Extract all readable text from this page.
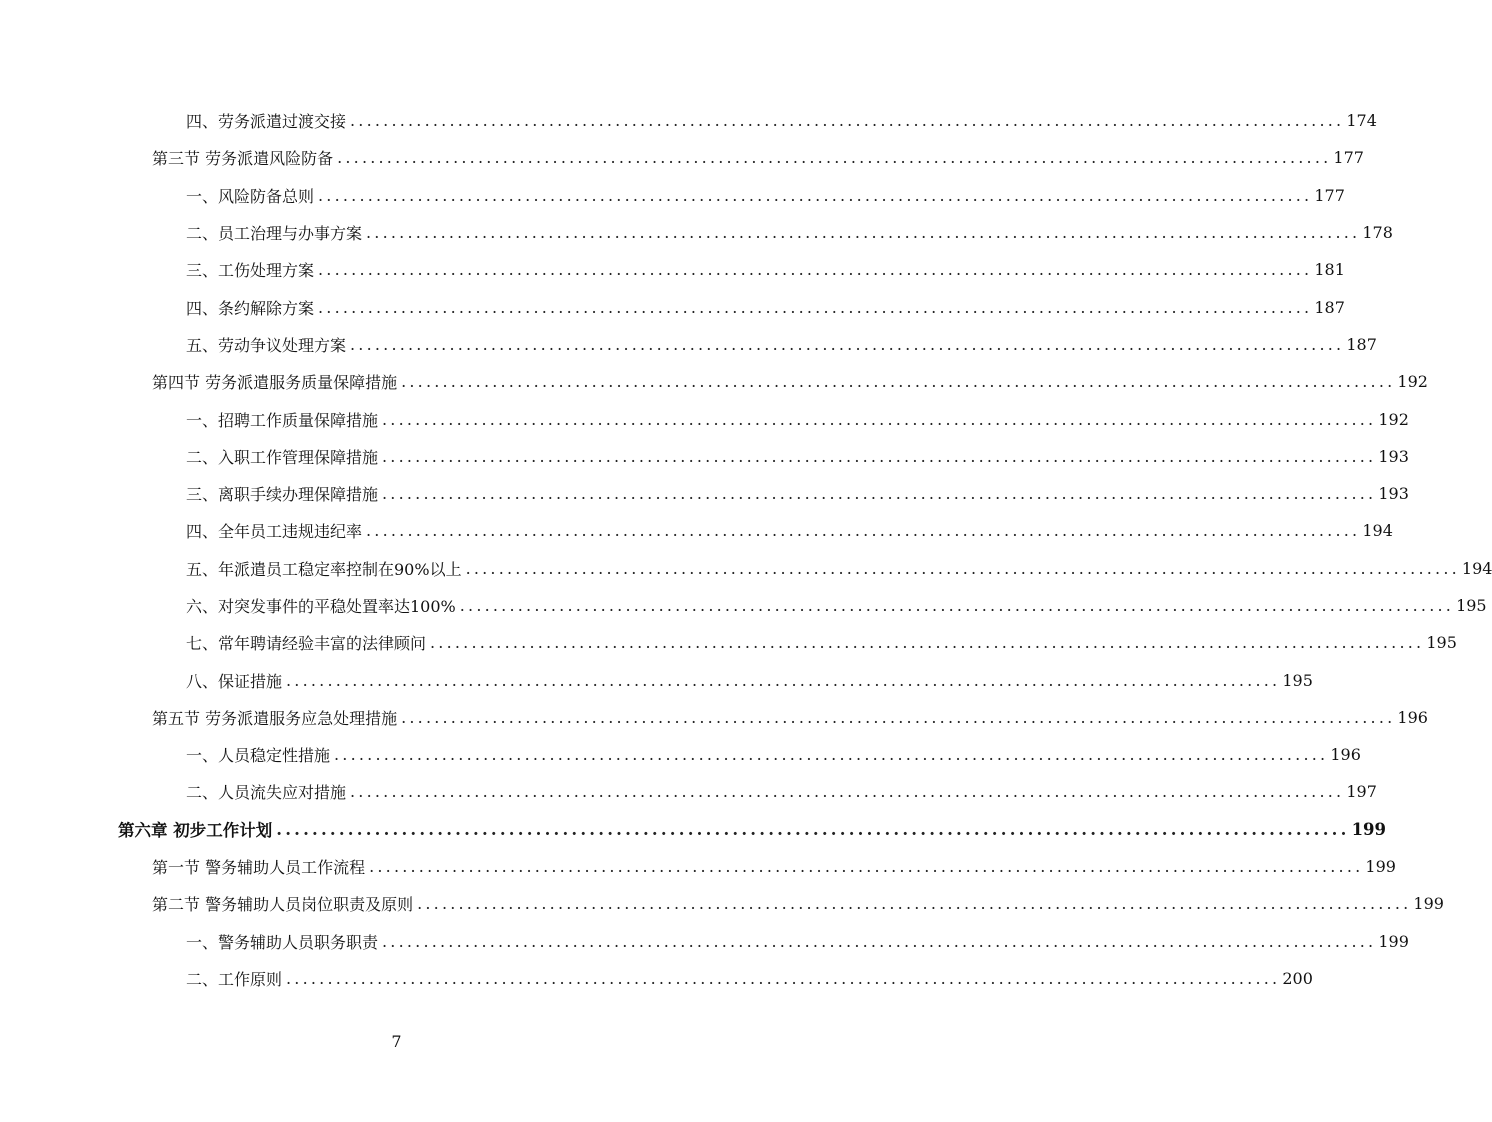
四、劳务派遣过渡交接 ........................................................................................................................ 174
第三节 劳务派遣风险防备 ........................................................................................................................ 177
一、风险防备总则 ........................................................................................................................ 177
二、员工治理与办事方案 ........................................................................................................................ 178
三、工伤处理方案 ........................................................................................................................ 181
四、条约解除方案 ........................................................................................................................ 187
五、劳动争议处理方案 ........................................................................................................................ 187
第四节 劳务派遣服务质量保障措施 ........................................................................................................................ 192
一、招聘工作质量保障措施 ........................................................................................................................ 192
二、入职工作管理保障措施 ........................................................................................................................ 193
三、离职手续办理保障措施 ........................................................................................................................ 193
四、全年员工违规违纪率 ........................................................................................................................ 194
五、年派遣员工稳定率控制在90%以上 ........................................................................................................................ 194
六、对突发事件的平稳处置率达100% ........................................................................................................................ 195
七、常年聘请经验丰富的法律顾问 ........................................................................................................................ 195
八、保证措施 ........................................................................................................................ 195
第五节 劳务派遣服务应急处理措施 ........................................................................................................................ 196
一、人员稳定性措施 ........................................................................................................................ 196
二、人员流失应对措施 ........................................................................................................................ 197
第六章 初步工作计划 ........................................................................................................................ 199
第一节 警务辅助人员工作流程 ........................................................................................................................ 199
第二节 警务辅助人员岗位职责及原则 ........................................................................................................................ 199
一、警务辅助人员职务职责 ........................................................................................................................ 199
二、工作原则 ........................................................................................................................ 200
7
